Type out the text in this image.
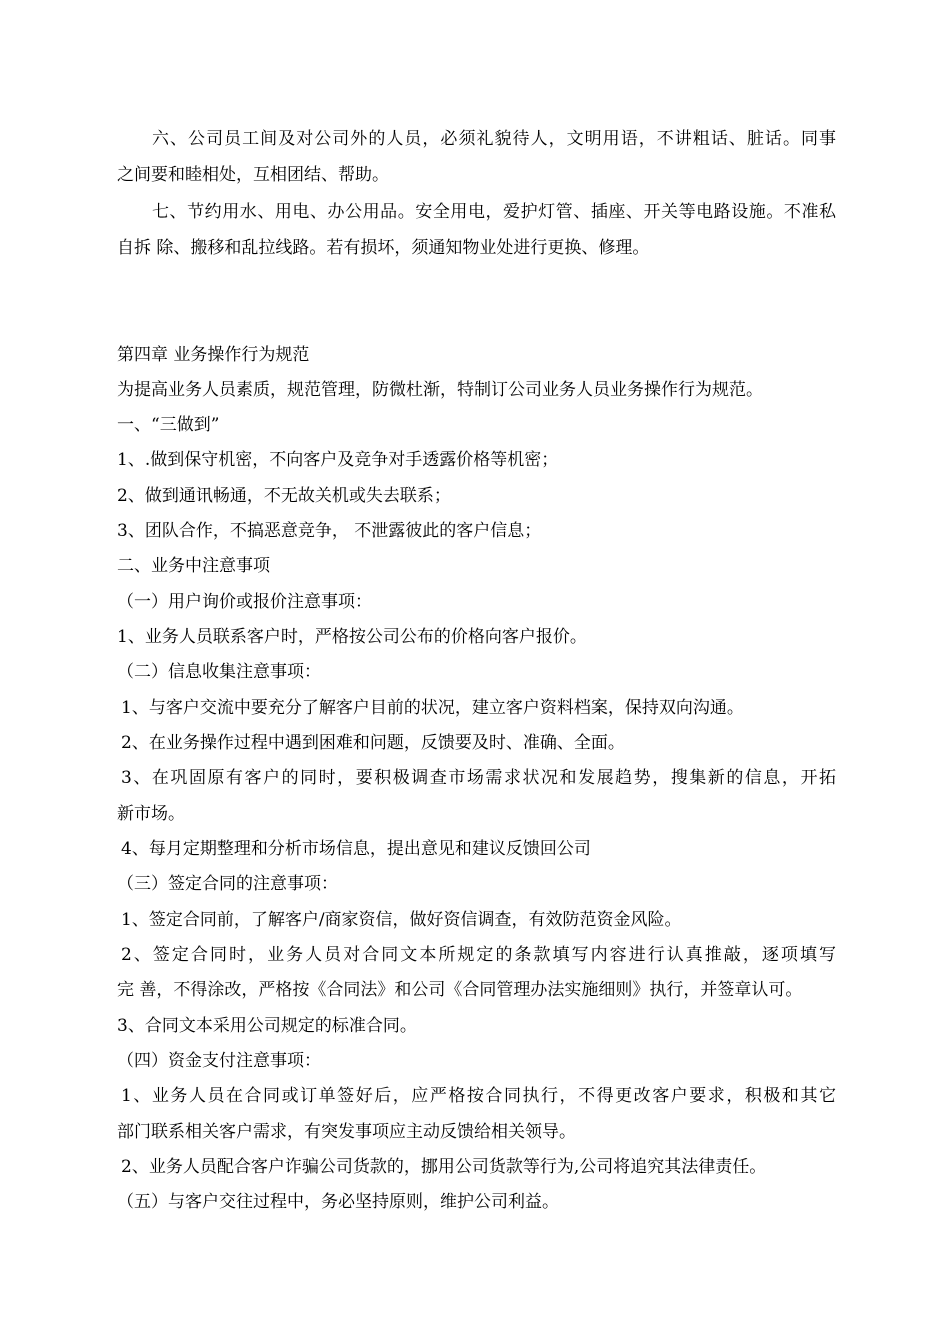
六、公司员工间及对公司外的人员，必须礼貌待人，文明用语，不讲粗话、脏话。同事
之间要和睦相处，互相团结、帮助。
七、节约用水、用电、办公用品。安全用电，爱护灯管、插座、开关等电路设施。不准私
自拆 除、搬移和乱拉线路。若有损坏，须通知物业处进行更换、修理。
第四章 业务操作行为规范
为提高业务人员素质，规范管理，防微杜渐，特制订公司业务人员业务操作行为规范。
一、“三做到”
1、.做到保守机密，不向客户及竞争对手透露价格等机密；
2、做到通讯畅通，不无故关机或失去联系；
3、团队合作，不搞恶意竞争， 不泄露彼此的客户信息；
二、业务中注意事项
（一）用户询价或报价注意事项：
1、业务人员联系客户时，严格按公司公布的价格向客户报价。
（二）信息收集注意事项：
1、与客户交流中要充分了解客户目前的状况，建立客户资料档案，保持双向沟通。
2、在业务操作过程中遇到困难和问题，反馈要及时、准确、全面。
3、在巩固原有客户的同时，要积极调查市场需求状况和发展趋势，搜集新的信息，开拓
新市场。
4、每月定期整理和分析市场信息，提出意见和建议反馈回公司
（三）签定合同的注意事项：
1、签定合同前，了解客户/商家资信，做好资信调查，有效防范资金风险。
2、签定合同时，业务人员对合同文本所规定的条款填写内容进行认真推敲，逐项填写
完 善，不得涂改，严格按《合同法》和公司《合同管理办法实施细则》执行，并签章认可。
3、合同文本采用公司规定的标准合同。
（四）资金支付注意事项：
1、业务人员在合同或订单签好后，应严格按合同执行，不得更改客户要求，积极和其它
部门联系相关客户需求，有突发事项应主动反馈给相关领导。
2、业务人员配合客户诈骗公司货款的，挪用公司货款等行为,公司将追究其法律责任。
（五）与客户交往过程中，务必坚持原则，维护公司利益。
